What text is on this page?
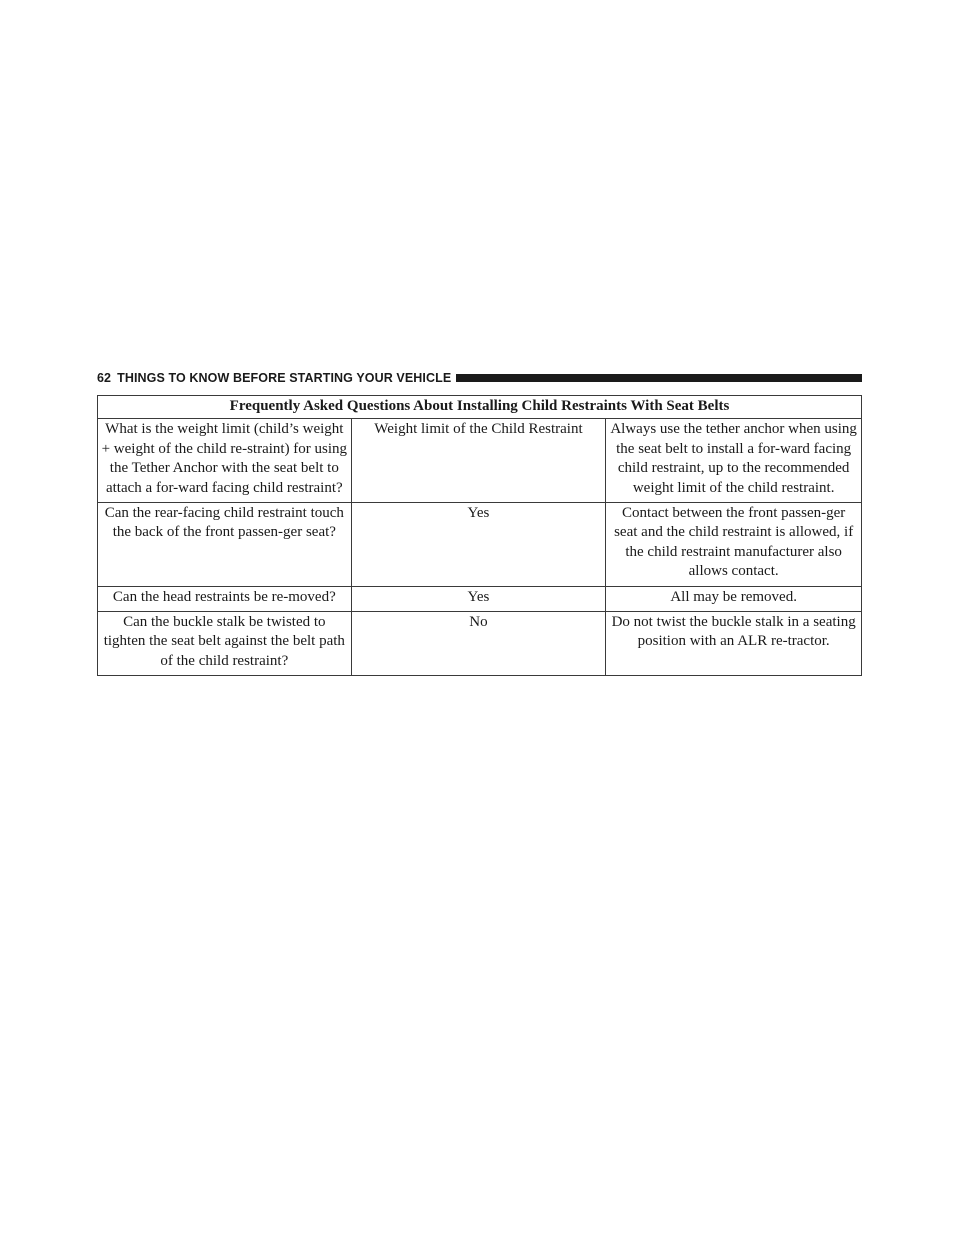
62 THINGS TO KNOW BEFORE STARTING YOUR VEHICLE
Frequently Asked Questions About Installing Child Restraints With Seat Belts		
What is the weight limit (child’s weight + weight of the child re-straint) for using the Tether Anchor with the seat belt to attach a for-ward facing child restraint?	Weight limit of the Child Restraint	Always use the tether anchor when using the seat belt to install a for-ward facing child restraint, up to the recommended weight limit of the child restraint.
Can the rear-facing child restraint touch the back of the front passen-ger seat?	Yes	Contact between the front passen-ger seat and the child restraint is allowed, if the child restraint manufacturer also allows contact.
Can the head restraints be re-moved?	Yes	All may be removed.
Can the buckle stalk be twisted to tighten the seat belt against the belt path of the child restraint?	No	Do not twist the buckle stalk in a seating position with an ALR re-tractor.
